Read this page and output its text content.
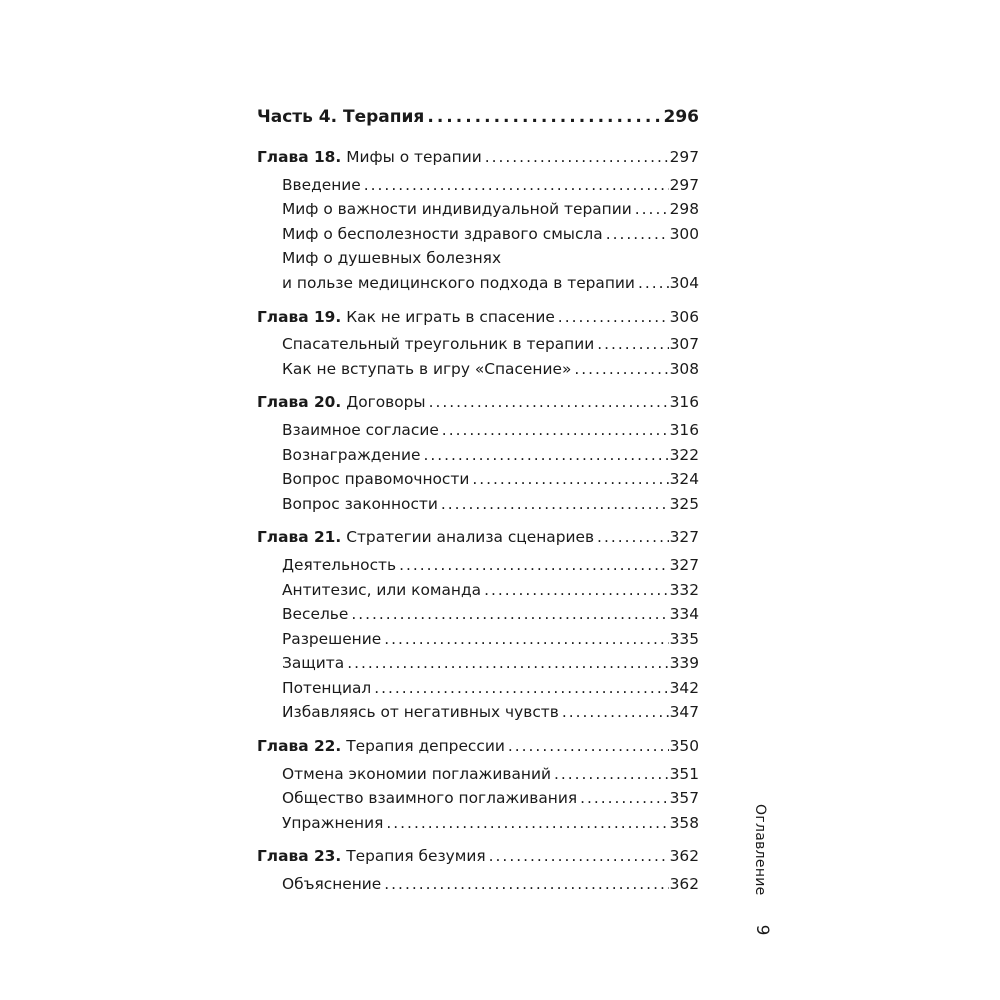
Часть 4. Терапия .....	296
Глава 18. Мифы о терапии .....	297
Введение .....	297
Миф о важности индивидуальной терапии ..... 298
Миф о бесполезности здравого смысла .....	300
Миф о душевных болезнях
и пользе медицинского подхода в терапии ..... 304
Глава 19. Как не играть в спасение .....	306
Спасательный треугольник в терапии .....	307
Как не вступать в игру «Спасение» .....	308
Глава 20. Договоры .....	316
Взаимное согласие .....	316
Вознаграждение .....	322
Вопрос правомочности .....	324
Вопрос законности .....	325
Глава 21. Стратегии анализа сценариев .....	327
Деятельность .....	327
Антитезис, или команда .....	332
Веселье .....	334
Разрешение .....	335
Защита .....	339
Потенциал .....	342
Избавляясь от негативных чувств .....	347
Глава 22. Терапия депрессии .....	350
Отмена экономии поглаживаний .....	351
Общество взаимного поглаживания .....	357
Упражнения .....	358
Глава 23. Терапия безумия .....	362
Объяснение .....	362	Оглавление
9
